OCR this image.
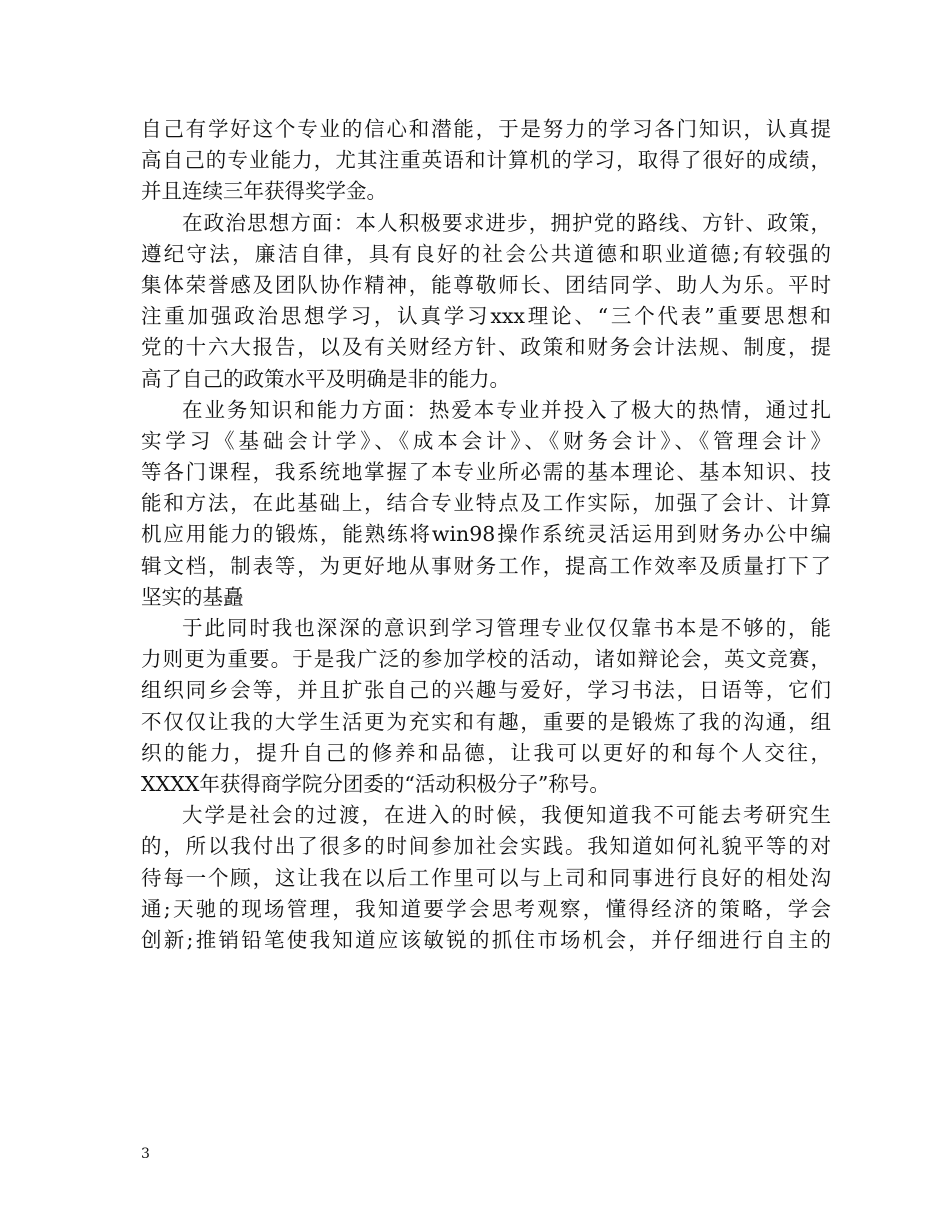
自己有学好这个专业的信心和潜能，于是努力的学习各门知识，认真提
高自己的专业能力，尤其注重英语和计算机的学习，取得了很好的成绩，
并且连续三年获得奖学金。
在政治思想方面：本人积极要求进步，拥护党的路线、方针、政策，
遵纪守法，廉洁自律，具有良好的社会公共道德和职业道德;有较强的
集体荣誉感及团队协作精神，能尊敬师长、团结同学、助人为乐。平时
注重加强政治思想学习，认真学习xxx理论、“三个代表”重要思想和
党的十六大报告，以及有关财经方针、政策和财务会计法规、制度，提
高了自己的政策水平及明确是非的能力。
在业务知识和能力方面：热爱本专业并投入了极大的热情，通过扎
实学习《基础会计学》、《成本会计》、《财务会计》、《管理会计》
等各门课程，我系统地掌握了本专业所必需的基本理论、基本知识、技
能和方法，在此基础上，结合专业特点及工作实际，加强了会计、计算
机应用能力的锻炼，能熟练将win98操作系统灵活运用到财务办公中编
辑文档，制表等，为更好地从事财务工作，提高工作效率及质量打下了
坚实的基矗
于此同时我也深深的意识到学习管理专业仅仅靠书本是不够的，能
力则更为重要。于是我广泛的参加学校的活动，诸如辩论会，英文竞赛，
组织同乡会等，并且扩张自己的兴趣与爱好，学习书法，日语等，它们
不仅仅让我的大学生活更为充实和有趣，重要的是锻炼了我的沟通，组
织的能力，提升自己的修养和品德，让我可以更好的和每个人交往，
XXXX年获得商学院分团委的“活动积极分子”称号。
大学是社会的过渡，在进入的时候，我便知道我不可能去考研究生
的，所以我付出了很多的时间参加社会实践。我知道如何礼貌平等的对
待每一个顾，这让我在以后工作里可以与上司和同事进行良好的相处沟
通;天驰的现场管理，我知道要学会思考观察，懂得经济的策略，学会
创新;推销铅笔使我知道应该敏锐的抓住市场机会，并仔细进行自主的
3
